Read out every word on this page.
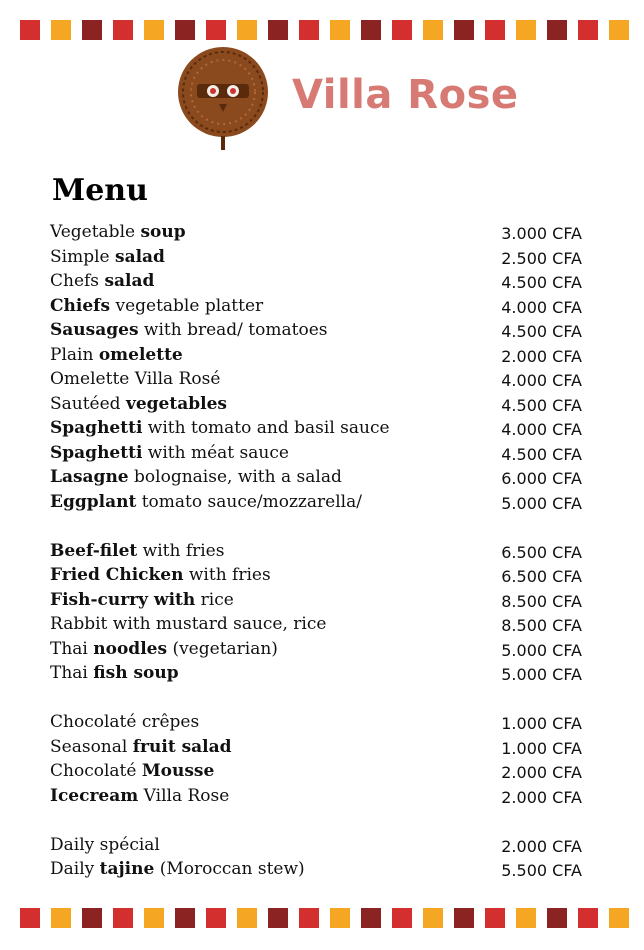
Villa Rose
Menu
Vegetable soup	3.000 CFA
Simple salad	2.500 CFA
Chefs salad	4.500 CFA
Chiefs vegetable platter	4.000 CFA
Sausages with bread/ tomatoes	4.500 CFA
Plain omelette	2.000 CFA
Omelette Villa Rosé	4.000 CFA
Sautéed vegetables	4.500 CFA
Spaghetti with tomato and basil sauce	4.000 CFA
Spaghetti with méat sauce	4.500 CFA
Lasagne bolognaise, with a salad	6.000 CFA
Eggplant tomato sauce/mozzarella/	5.000 CFA
Beef-filet with fries	6.500 CFA
Fried Chicken with fries	6.500 CFA
Fish-curry with rice	8.500 CFA
Rabbit with mustard sauce, rice	8.500 CFA
Thai noodles (vegetarian)	5.000 CFA
Thai fish soup	5.000 CFA
Chocolaté crêpes	1.000 CFA
Seasonal fruit salad	1.000 CFA
Chocolaté Mousse	2.000 CFA
Icecream Villa Rose	2.000 CFA
Daily spécial	2.000 CFA
Daily tajine (Moroccan stew)	5.500 CFA
